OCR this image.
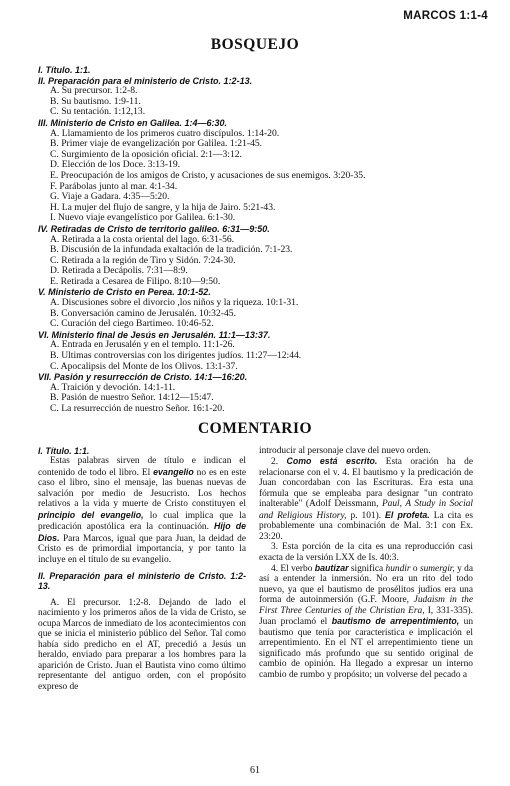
MARCOS 1:1-4
BOSQUEJO
I. Título. 1:1.
II. Preparación para el ministerio de Cristo. 1:2-13.
A. Su precursor. 1:2-8.
B. Su bautismo. 1:9-11.
C. Su tentación. 1:12,13.
III. Ministerio de Cristo en Galilea. 1:4—6:30.
A. Llamamiento de los primeros cuatro discípulos. 1:14-20.
B. Primer viaje de evangelización por Galilea. 1:21-45.
C. Surgimiento de la oposición oficial. 2:1—3:12.
D. Elección de los Doce. 3:13-19.
E. Preocupación de los amigos de Cristo, y acusaciones de sus enemigos. 3:20-35.
F. Parábolas junto al mar. 4:1-34.
G. Viaje a Gadara. 4:35—5:20.
H. La mujer del flujo de sangre, y la hija de Jairo. 5:21-43.
I. Nuevo viaje evangelístico por Galilea. 6:1-30.
IV. Retiradas de Cristo de territorio galileo. 6:31—9:50.
A. Retirada a la costa oriental del lago. 6:31-56.
B. Discusión de la infundada exaltación de la tradición. 7:1-23.
C. Retirada a la región de Tiro y Sidón. 7:24-30.
D. Retirada a Decápolis. 7:31—8:9.
E. Retirada a Cesarea de Filipo. 8:10—9:50.
V. Ministerio de Cristo en Perea. 10:1-52.
A. Discusiones sobre el divorcio ,los niños y la riqueza. 10:1-31.
B. Conversación camino de Jerusalén. 10:32-45.
C. Curación del ciego Bartimeo. 10:46-52.
VI. Ministerio final de Jesús en Jerusalén. 11:1—13:37.
A. Entrada en Jerusalén y en el templo. 11:1-26.
B. Ultimas controversias con los dirigentes judíos. 11:27—12:44.
C. Apocalipsis del Monte de los Olivos. 13:1-37.
VII. Pasión y resurrección de Cristo. 14:1—16:20.
A. Traición y devoción. 14:1-11.
B. Pasión de nuestro Señor. 14:12—15:47.
C. La resurrección de nuestro Señor. 16:1-20.
COMENTARIO
I. Título. 1:1.

Estas palabras sirven de título e indican el contenido de todo el libro. El evangelio no es en este caso el libro, sino el mensaje, las buenas nuevas de salvación por medio de Jesucristo. Los hechos relativos a la vida y muerte de Cristo constituyen el principio del evangelio, lo cual implica que la predicación apostólica era la continuación. Hijo de Dios. Para Marcos, igual que para Juan, la deidad de Cristo es de primordial importancia, y por tanto la incluye en el título de su evangelio.

II. Preparación para el ministerio de Cristo. 1:2-13.

A. El precursor. 1:2-8. Dejando de lado el nacimiento y los primeros años de la vida de Cristo, se ocupa Marcos de inmediato de los acontecimientos con que se inicia el ministerio público del Señor. Tal como había sido predicho en el AT, precedió a Jesús un heraldo, enviado para preparar a los hombres para la aparición de Cristo. Juan el Bautista vino como último representante del antiguo orden, con el propósito expreso de

introducir al personaje clave del nuevo orden.

2. Como está escrito. Esta oración ha de relacionarse con el v. 4. El bautismo y la predicación de Juan concordaban con las Escrituras. Era esta una fórmula que se empleaba para designar "un contrato inalterable" (Adolf Deissmann, Paul, A Study in Social and Religious History, p. 101). El profeta. La cita es probablemente una combinación de Mal. 3:1 con Ex. 23:20.

3. Esta porción de la cita es una reproducción casi exacta de la versión LXX de Is. 40:3.

4. El verbo bautizar significa hundir o sumergir, y da así a entender la inmersión. No era un rito del todo nuevo, ya que el bautismo de prosélitos judíos era una forma de autoinmersión (G.F. Moore, Judaism in the First Three Centuries of the Christian Era, I, 331-335). Juan proclamó el bautismo de arrepentimiento, un bautismo que tenía por característica e implicación el arrepentimiento. En el NT el arrepentimiento tiene un significado más profundo que su sentido original de cambio de opinión. Ha llegado a expresar un interno cambio de rumbo y propósito; un volverse del pecado a

61
